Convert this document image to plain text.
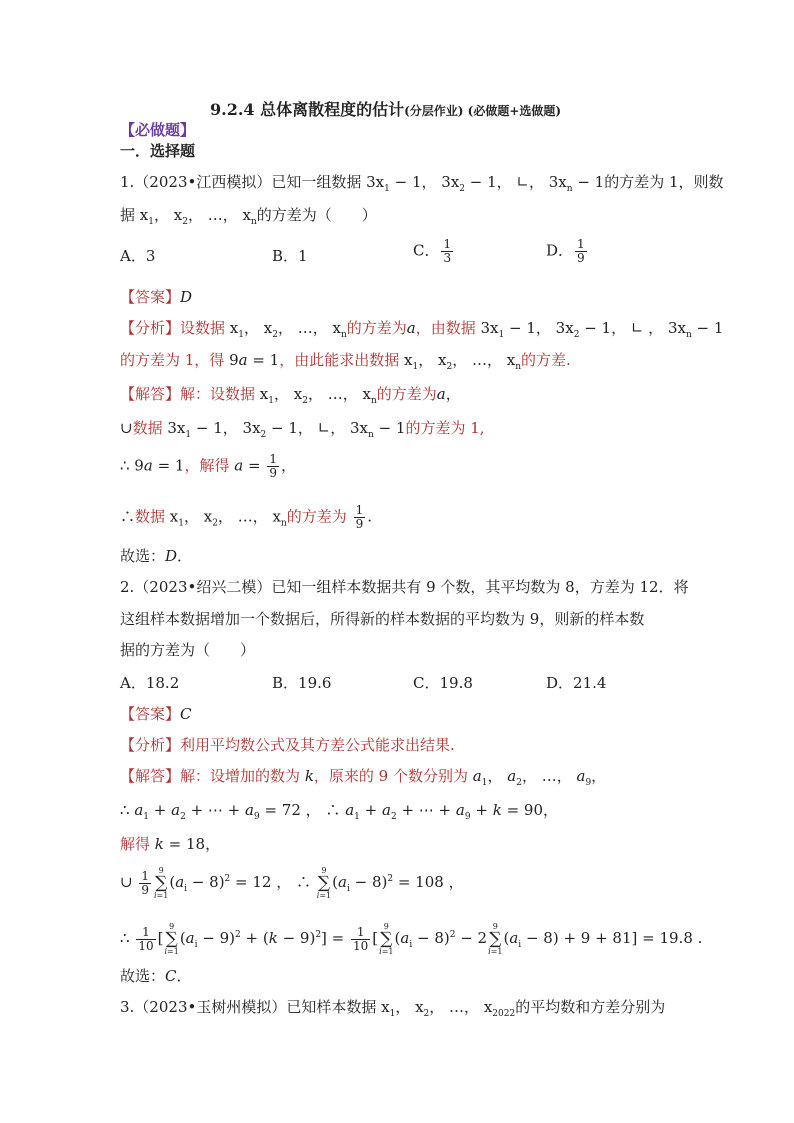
9.2.4 总体离散程度的估计(分层作业) (必做题+选做题)
【必做题】
一．选择题
1.（2023•江西模拟）已知一组数据 $3x_1 - 1$， $3x_2 - 1$， ∟， $3x_n - 1$的方差为 1，则数
据 $x_1$， $x_2$， …， $x_n$的方差为（　　）
A．3	B．1	C． $\frac{1}{3}$	D． $\frac{1}{9}$
【答案】D
【分析】设数据 $x_1$， $x_2$， …， $x_n$的方差为a，由数据 $3x_1 - 1$， $3x_2 - 1$， ∟ ， $3x_n - 1$
的方差为 1，得 9a = 1，由此能求出数据 $x_1$， $x_2$， …， $x_n$的方差.
【解答】解：设数据 $x_1$， $x_2$， …， $x_n$的方差为a，
∪数据 $3x_1 - 1$， $3x_2 - 1$， ∟， $3x_n - 1$的方差为 1,
∴ 9a = 1，解得 $a = \frac{1}{9}$ ，
∴数据 $x_1$， $x_2$， …， $x_n$的方差为 $\frac{1}{9}$ .
故选：D．
2.（2023•绍兴二模）已知一组样本数据共有 9 个数，其平均数为 8，方差为 12．将
这组样本数据增加一个数据后，所得新的样本数据的平均数为 9，则新的样本数
据的方差为（　　）
A．18.2	B．19.6	C．19.8	D．21.4
【答案】C
【分析】利用平均数公式及其方差公式能求出结果.
【解答】解：设增加的数为 k，原来的 9 个数分别为 $a_1$， $a_2$， …， $a_9$，
∴ $a_1 + a_2$ + ⋯ + $a_9 = 72$ ， ∴ $a_1 + a_2$ + ⋯ + $a_9 + k = 90$，
解得 k = 18，
∪ $\frac{1}{9} 9$
∑
$i=1(a_i - 8)^2 = 12$ ， ∴ 9
∑
$i=1(a_i - 8)^2 = 108$ ，
∴ $\frac{1}{10} [9$
∑
$i=1(a_i - 9)^2 + (k - 9)^2] = \frac{1}{10} [9$
∑
$i=1(a_i - 8)^2 - 29$
∑
$i=1(a_i - 8) + 9 + 81] = 19.8$ .
故选：C．
3.（2023•玉树州模拟）已知样本数据 $x_1$， $x_2$， …， $x_{2022}$的平均数和方差分别为
